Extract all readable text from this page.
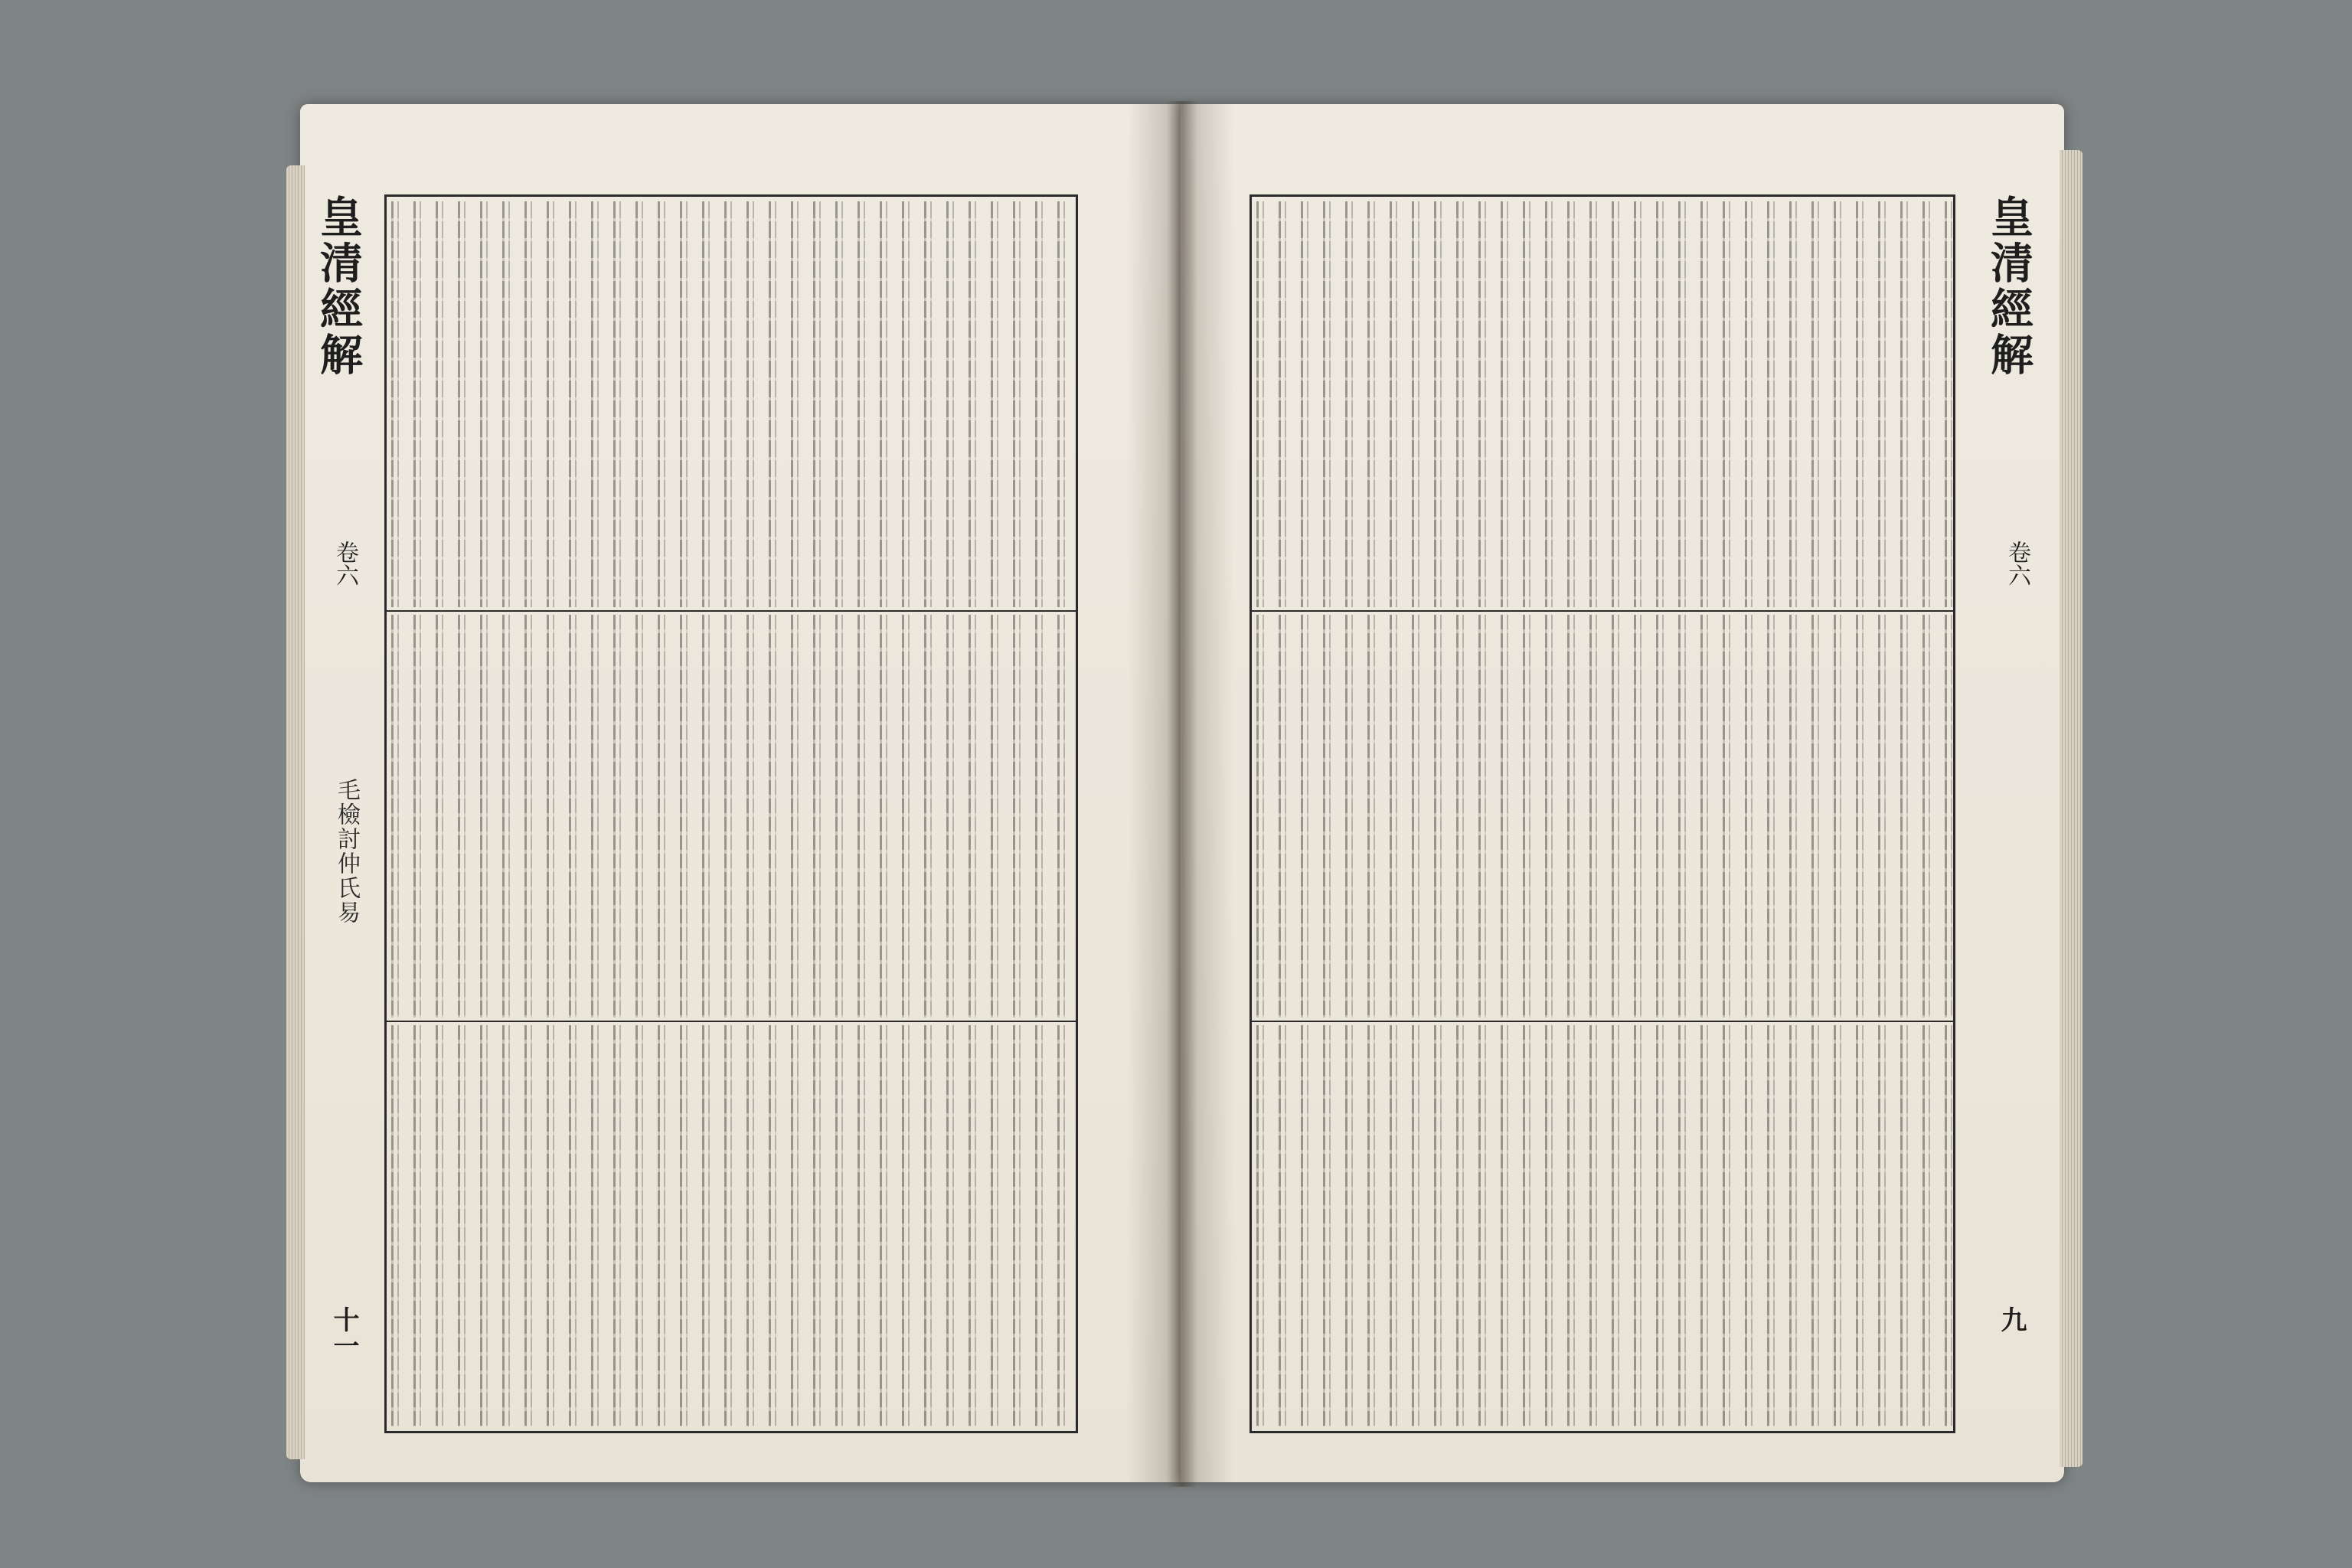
皇清經解
卷六
毛檢討仲氏易
十一
皇清經解
卷六
九
